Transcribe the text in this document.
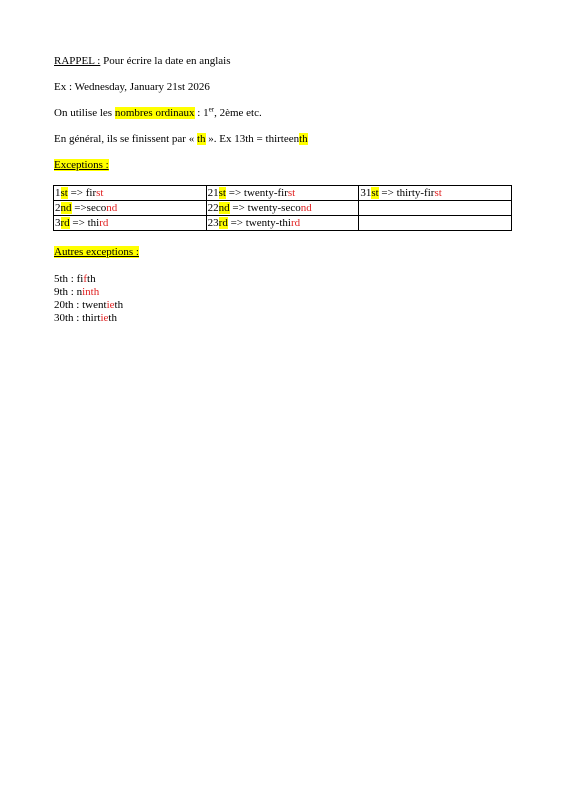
RAPPEL : Pour écrire la date en anglais
Ex : Wednesday, January 21st 2026
On utilise les nombres ordinaux : 1er, 2ème etc.
En général, ils se finissent par « th ». Ex 13th = thirteenth
Exceptions :
1st => first	21st => twenty-first	31st => thirty-first
2nd =>second	22nd => twenty-second	
3rd => third	23rd => twenty-third	
Autres exceptions :
5th : fifth
9th : ninth
20th : twentieth
30th : thirtieth
